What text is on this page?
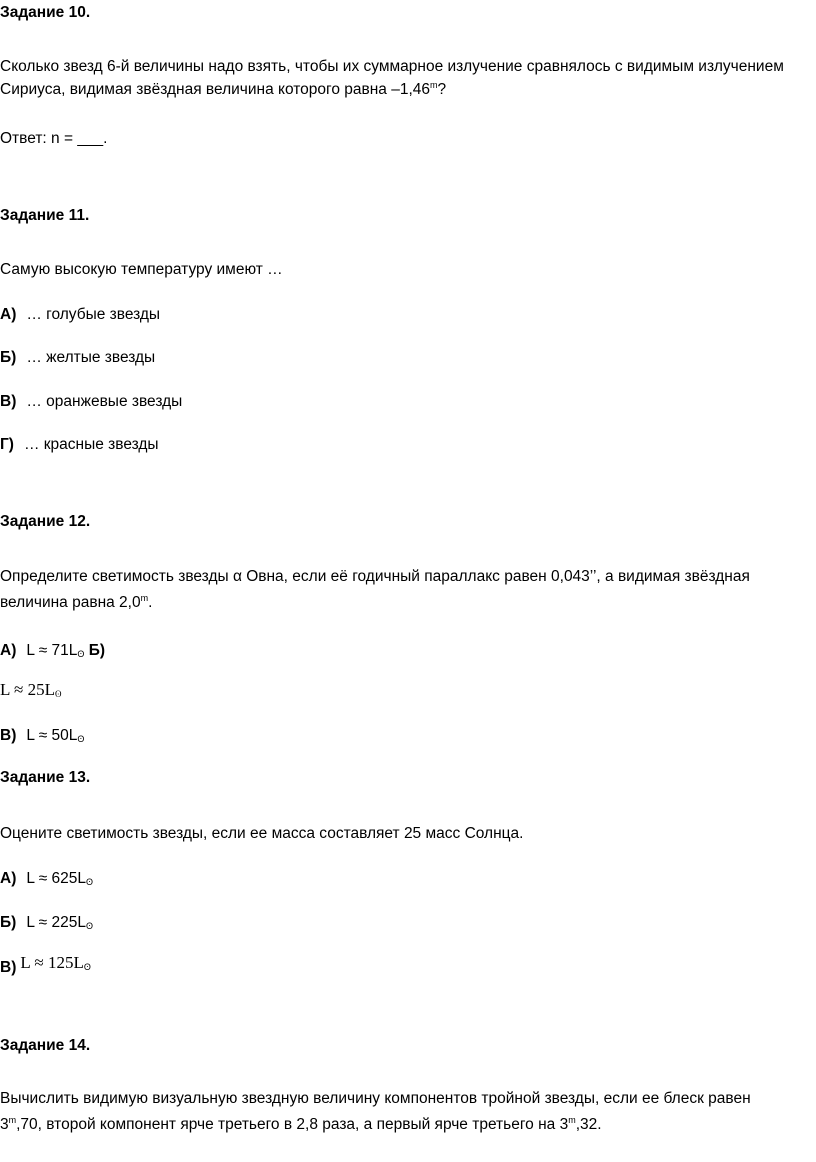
Задание 10.
Сколько звезд 6-й величины надо взять, чтобы их суммарное излучение сравнялось с видимым излучением
Сириуса, видимая звёздная величина которого равна –1,46$^m$?
Ответ: n = ___.
Задание 11.
Самую высокую температуру имеют …
А) … голубые звезды
Б) … желтые звезды
В) … оранжевые звезды
Г) … красные звезды
Задание 12.
Определите светимость звезды α Овна, если её годичный параллакс равен 0,043’’, а видимая звёздная
величина равна 2,0$^m$.
А) $L \approx 71L_ʘ$ Б)
$L \approx 25L_ʘ$
В) $L \approx 50L_ʘ$
Задание 13.
Оцените светимость звезды, если ее масса составляет 25 масс Солнца.
А) $L \approx 625L_ʘ$
Б) $L \approx 225L_ʘ$
В) $L \approx 125L_ʘ$
Задание 14.
Вычислить видимую визуальную звездную величину компонентов тройной звезды, если ее блеск равен
3$^m$,70, второй компонент ярче третьего в 2,8 раза, а первый ярче третьего на 3$^m$,32.
